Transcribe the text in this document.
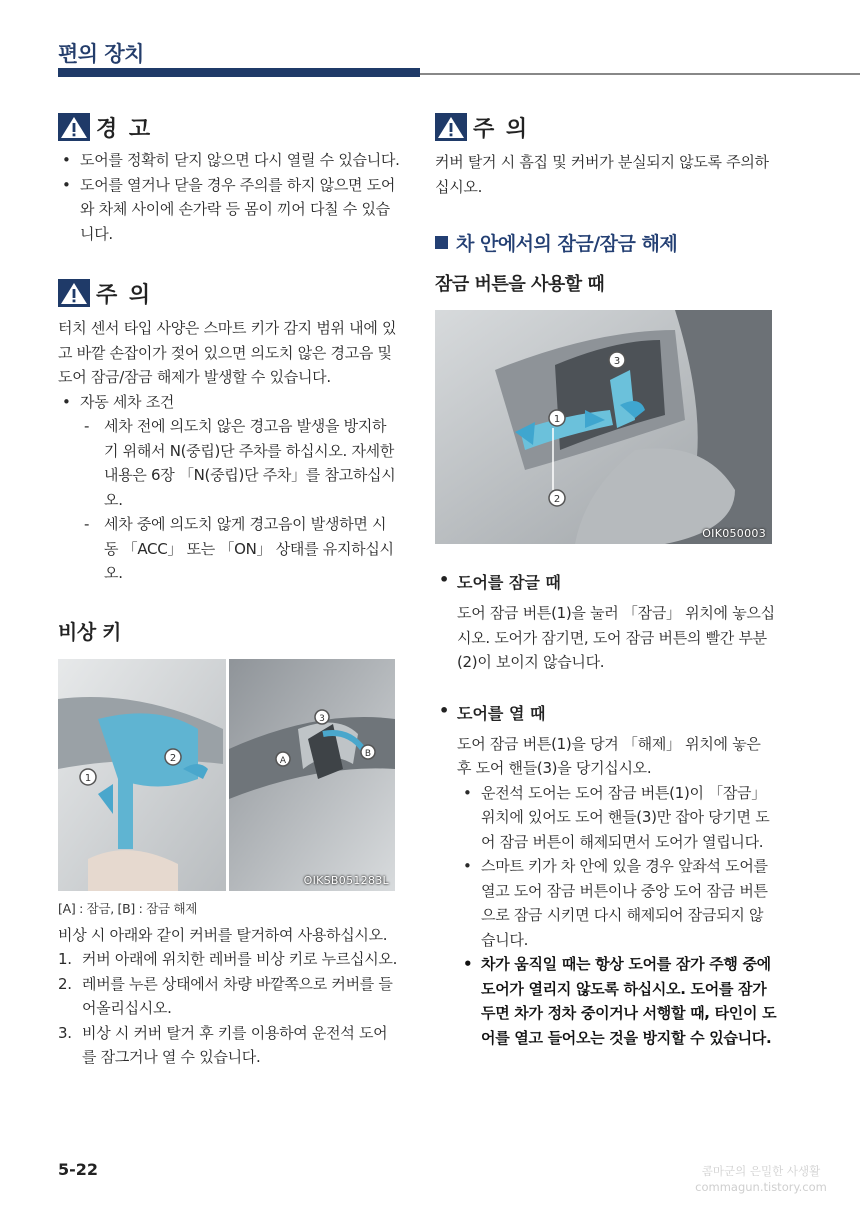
편의 장치
경 고
• 도어를 정확히 닫지 않으면 다시 열릴 수 있습니다.
• 도어를 열거나 닫을 경우 주의를 하지 않으면 도어와 차체 사이에 손가락 등 몸이 끼어 다칠 수 있습니다.
주 의

터치 센서 타입 사양은 스마트 키가 감지 범위 내에 있고 바깥 손잡이가 젖어 있으면 의도치 않은 경고음 및 도어 잠금/잠금 해제가 발생할 수 있습니다.

• 자동 세차 조건
- 세차 전에 의도치 않은 경고음 발생을 방지하기 위해서 N(중립)단 주차를 하십시오. 자세한 내용은 6장 「N(중립)단 주차」를 참고하십시오.
- 세차 중에 의도치 않게 경고음이 발생하면 시동 「ACC」 또는 「ON」 상태를 유지하십시오.
비상 키
1
2
3
A
B
OIKSB051283L
[A] : 잠금, [B] : 잠금 해제

비상 시 아래와 같이 커버를 탈거하여 사용하십시오.

1. 커버 아래에 위치한 레버를 비상 키로 누르십시오.
2. 레버를 누른 상태에서 차량 바깥쪽으로 커버를 들어올리십시오.
3. 비상 시 커버 탈거 후 키를 이용하여 운전석 도어를 잠그거나 열 수 있습니다.
주 의

커버 탈거 시 흠집 및 커버가 분실되지 않도록 주의하십시오.

차 안에서의 잠금/잠금 해제
잠금 버튼을 사용할 때
1
2
3
OIK050003
• 도어를 잠글 때

도어 잠금 버튼(1)을 눌러 「잠금」 위치에 놓으십시오. 도어가 잠기면, 도어 잠금 버튼의 빨간 부분(2)이 보이지 않습니다.

• 도어를 열 때

도어 잠금 버튼(1)을 당겨 「해제」 위치에 놓은 후 도어 핸들(3)을 당기십시오.

• 운전석 도어는 도어 잠금 버튼(1)이 「잠금」 위치에 있어도 도어 핸들(3)만 잡아 당기면 도어 잠금 버튼이 해제되면서 도어가 열립니다.
• 스마트 키가 차 안에 있을 경우 앞좌석 도어를 열고 도어 잠금 버튼이나 중앙 도어 잠금 버튼으로 잠금 시키면 다시 해제되어 잠금되지 않습니다.
• 차가 움직일 때는 항상 도어를 잠가 주행 중에 도어가 열리지 않도록 하십시오. 도어를 잠가 두면 차가 정차 중이거나 서행할 때, 타인이 도어를 열고 들어오는 것을 방지할 수 있습니다.
5-22	콤마군의 은밀한 사생활
commagun.tistory.com
